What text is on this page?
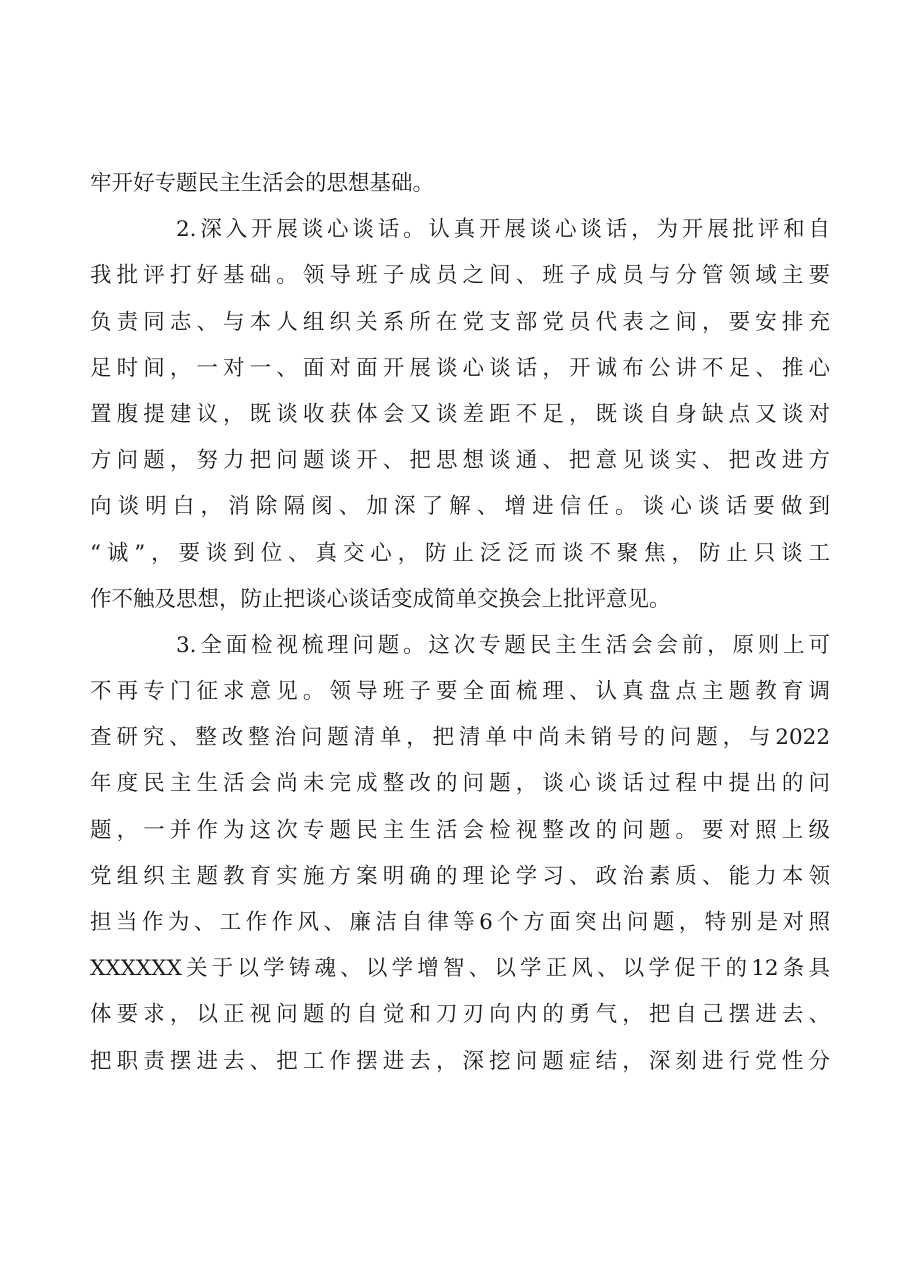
牢开好专题民主生活会的思想基础。
2.深入开展谈心谈话。认真开展谈心谈话，为开展批评和自
我批评打好基础。领导班子成员之间、班子成员与分管领域主要
负责同志、与本人组织关系所在党支部党员代表之间，要安排充
足时间，一对一、面对面开展谈心谈话，开诚布公讲不足、推心
置腹提建议，既谈收获体会又谈差距不足，既谈自身缺点又谈对
方问题，努力把问题谈开、把思想谈通、把意见谈实、把改进方
向谈明白，消除隔阂、加深了解、增进信任。谈心谈话要做到
“诚”，要谈到位、真交心，防止泛泛而谈不聚焦，防止只谈工
作不触及思想，防止把谈心谈话变成简单交换会上批评意见。
3.全面检视梳理问题。这次专题民主生活会会前，原则上可
不再专门征求意见。领导班子要全面梳理、认真盘点主题教育调
查研究、整改整治问题清单，把清单中尚未销号的问题，与2022
年度民主生活会尚未完成整改的问题，谈心谈话过程中提出的问
题，一并作为这次专题民主生活会检视整改的问题。要对照上级
党组织主题教育实施方案明确的理论学习、政治素质、能力本领
担当作为、工作作风、廉洁自律等6个方面突出问题，特别是对照
XXXXXX关于以学铸魂、以学增智、以学正风、以学促干的12条具
体要求，以正视问题的自觉和刀刃向内的勇气，把自己摆进去、
把职责摆进去、把工作摆进去，深挖问题症结，深刻进行党性分
